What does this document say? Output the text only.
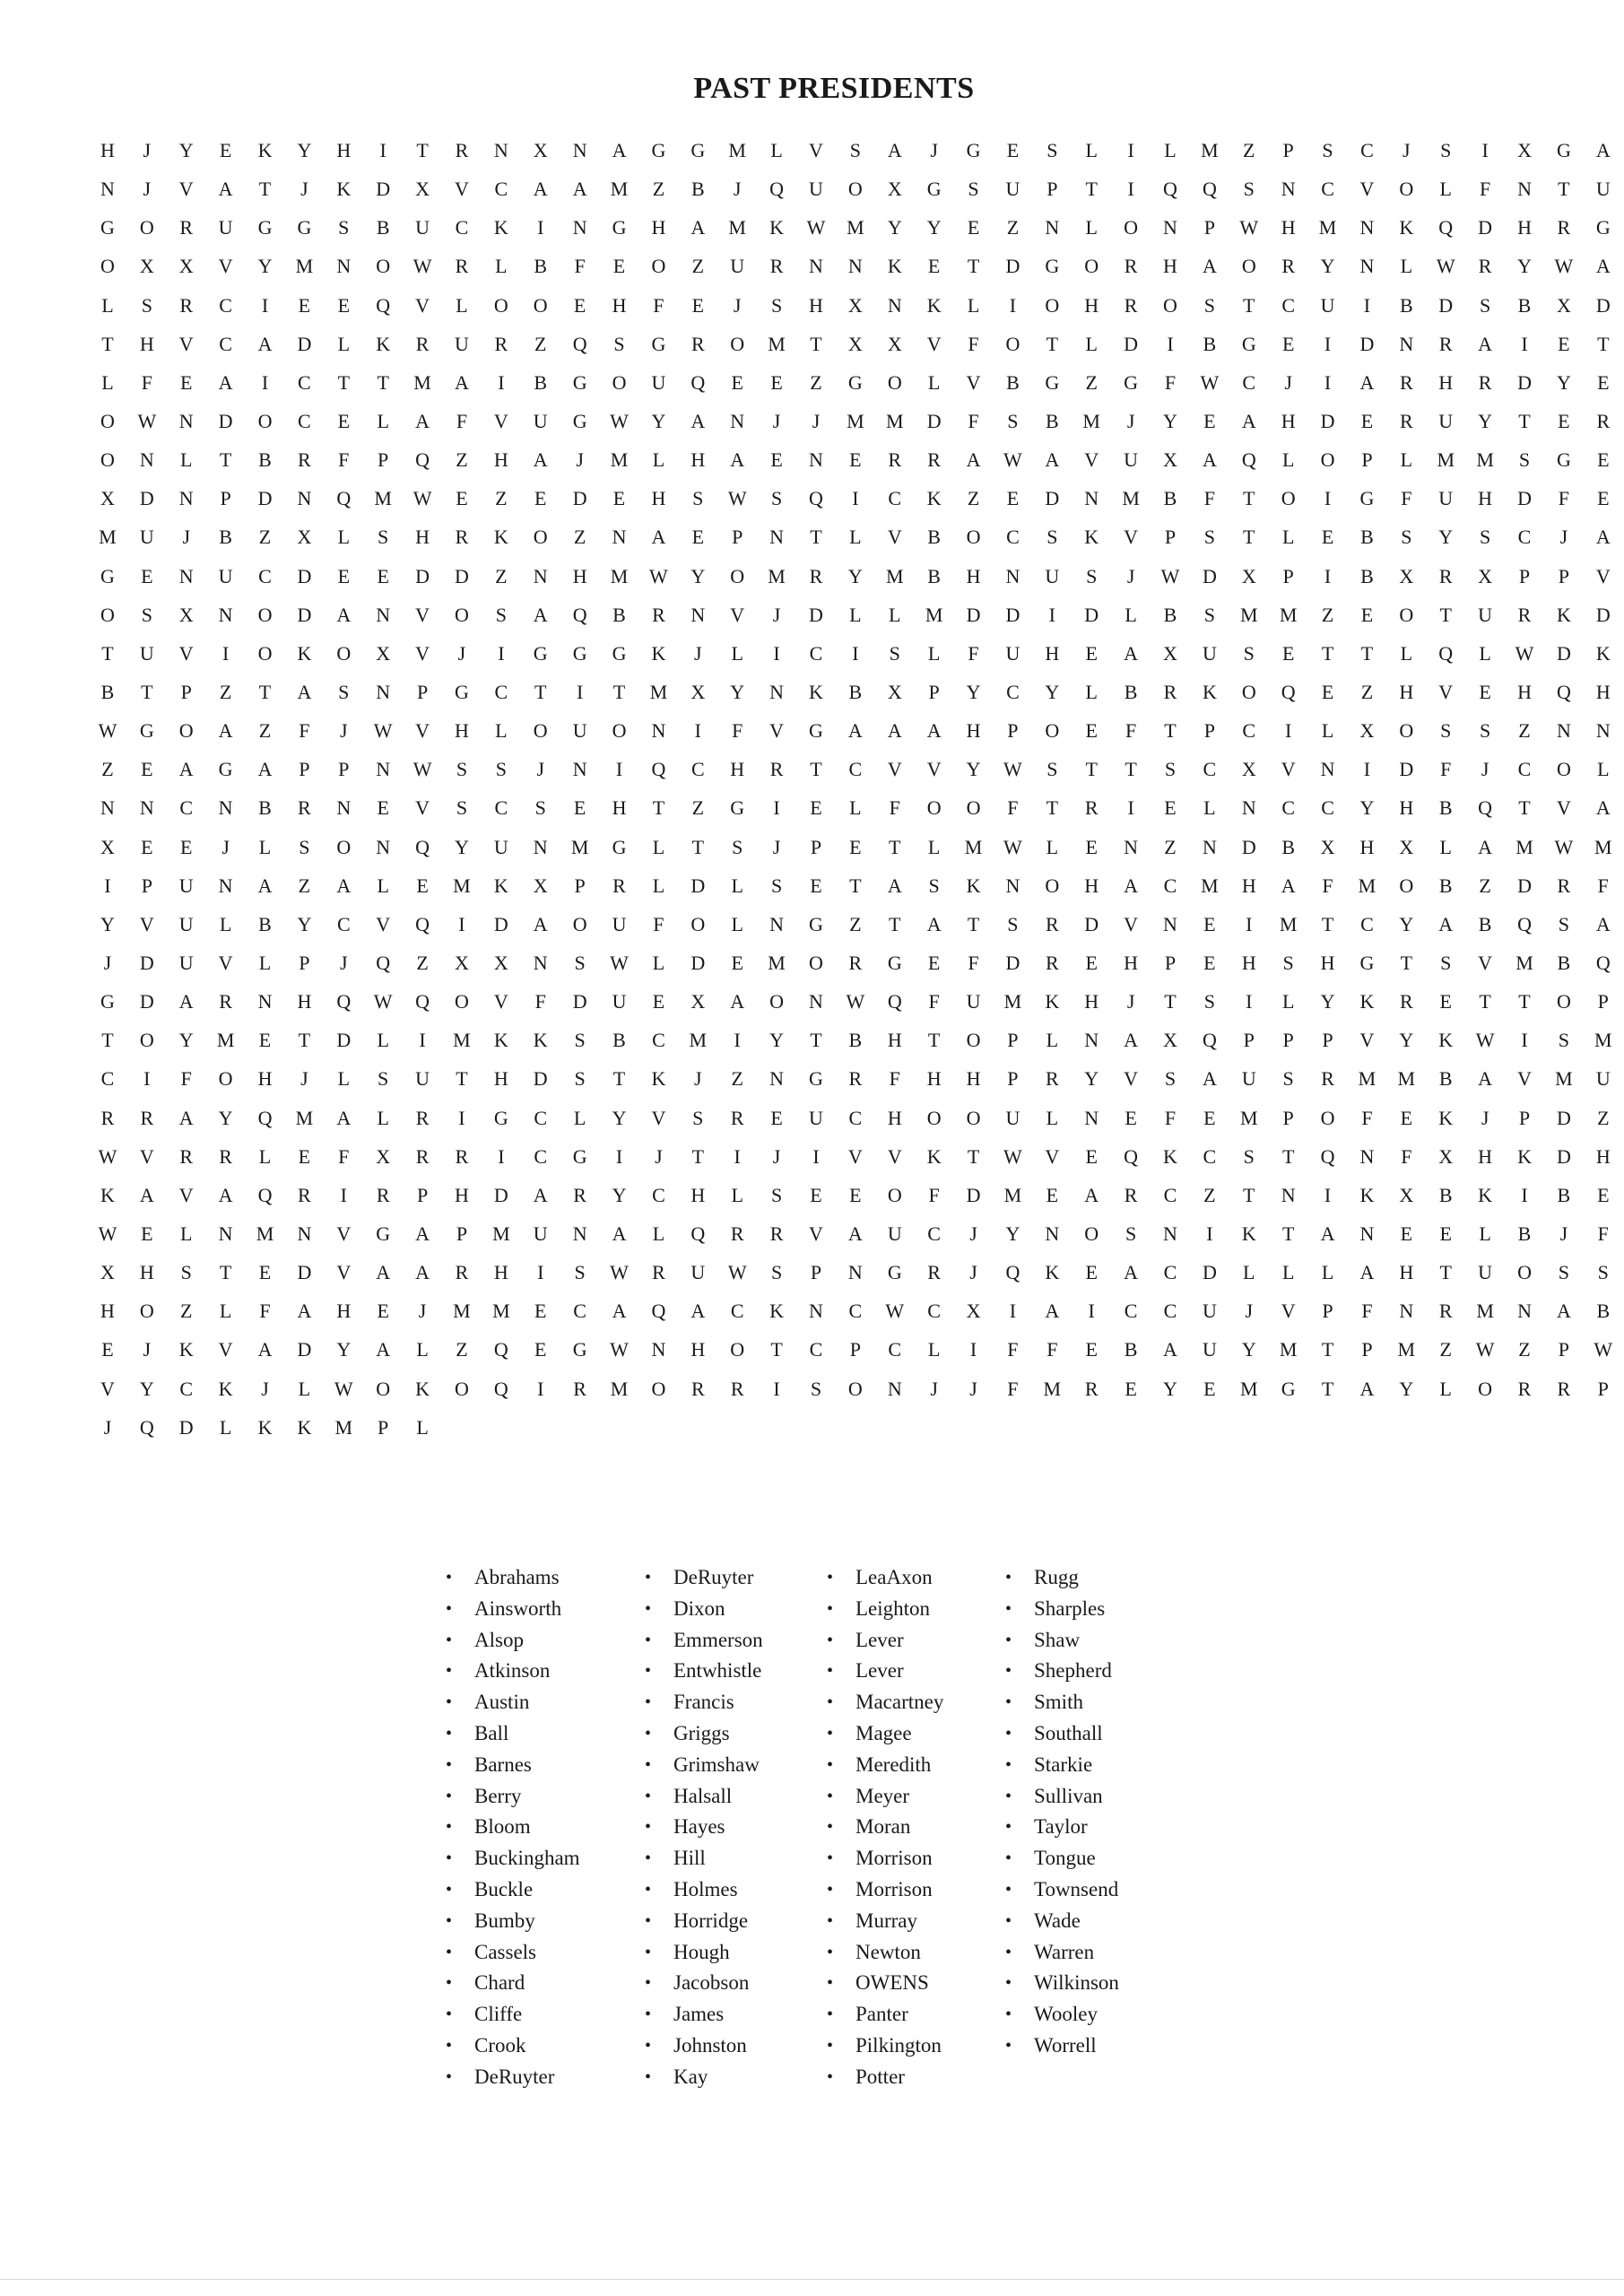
PAST PRESIDENTS
H	J	Y	E	K	Y	H	I	T	R	N	X	N	A	G	G	M	L	V	S	A	J	G	E	S	L	I	L	M	Z	P	S	C	J	S	I	X	G	A
N	J	V	A	T	J	K	D	X	V	C	A	A	M	Z	B	J	Q	U	O	X	G	S	U	P	T	I	Q	Q	S	N	C	V	O	L	F	N	T	U
G	O	R	U	G	G	S	B	U	C	K	I	N	G	H	A	M	K	W	M	Y	Y	E	Z	N	L	O	N	P	W	H	M	N	K	Q	D	H	R	G
O	X	X	V	Y	M	N	O	W	R	L	B	F	E	O	Z	U	R	N	N	K	E	T	D	G	O	R	H	A	O	R	Y	N	L	W	R	Y	W	A
L	S	R	C	I	E	E	Q	V	L	O	O	E	H	F	E	J	S	H	X	N	K	L	I	O	H	R	O	S	T	C	U	I	B	D	S	B	X	D
T	H	V	C	A	D	L	K	R	U	R	Z	Q	S	G	R	O	M	T	X	X	V	F	O	T	L	D	I	B	G	E	I	D	N	R	A	I	E	T
L	F	E	A	I	C	T	T	M	A	I	B	G	O	U	Q	E	E	Z	G	O	L	V	B	G	Z	G	F	W	C	J	I	A	R	H	R	D	Y	E
O	W	N	D	O	C	E	L	A	F	V	U	G	W	Y	A	N	J	J	M	M	D	F	S	B	M	J	Y	E	A	H	D	E	R	U	Y	T	E	R
O	N	L	T	B	R	F	P	Q	Z	H	A	J	M	L	H	A	E	N	E	R	R	A	W	A	V	U	X	A	Q	L	O	P	L	M	M	S	G	E
X	D	N	P	D	N	Q	M	W	E	Z	E	D	E	H	S	W	S	Q	I	C	K	Z	E	D	N	M	B	F	T	O	I	G	F	U	H	D	F	E
M	U	J	B	Z	X	L	S	H	R	K	O	Z	N	A	E	P	N	T	L	V	B	O	C	S	K	V	P	S	T	L	E	B	S	Y	S	C	J	A
G	E	N	U	C	D	E	E	D	D	Z	N	H	M	W	Y	O	M	R	Y	M	B	H	N	U	S	J	W	D	X	P	I	B	X	R	X	P	P	V
O	S	X	N	O	D	A	N	V	O	S	A	Q	B	R	N	V	J	D	L	L	M	D	D	I	D	L	B	S	M	M	Z	E	O	T	U	R	K	D
T	U	V	I	O	K	O	X	V	J	I	G	G	G	K	J	L	I	C	I	S	L	F	U	H	E	A	X	U	S	E	T	T	L	Q	L	W	D	K
B	T	P	Z	T	A	S	N	P	G	C	T	I	T	M	X	Y	N	K	B	X	P	Y	C	Y	L	B	R	K	O	Q	E	Z	H	V	E	H	Q	H
W	G	O	A	Z	F	J	W	V	H	L	O	U	O	N	I	F	V	G	A	A	A	H	P	O	E	F	T	P	C	I	L	X	O	S	S	Z	N	N
Z	E	A	G	A	P	P	N	W	S	S	J	N	I	Q	C	H	R	T	C	V	V	Y	W	S	T	T	S	C	X	V	N	I	D	F	J	C	O	L
N	N	C	N	B	R	N	E	V	S	C	S	E	H	T	Z	G	I	E	L	F	O	O	F	T	R	I	E	L	N	C	C	Y	H	B	Q	T	V	A
X	E	E	J	L	S	O	N	Q	Y	U	N	M	G	L	T	S	J	P	E	T	L	M	W	L	E	N	Z	N	D	B	X	H	X	L	A	M	W	M
I	P	U	N	A	Z	A	L	E	M	K	X	P	R	L	D	L	S	E	T	A	S	K	N	O	H	A	C	M	H	A	F	M	O	B	Z	D	R	F
Y	V	U	L	B	Y	C	V	Q	I	D	A	O	U	F	O	L	N	G	Z	T	A	T	S	R	D	V	N	E	I	M	T	C	Y	A	B	Q	S	A
J	D	U	V	L	P	J	Q	Z	X	X	N	S	W	L	D	E	M	O	R	G	E	F	D	R	E	H	P	E	H	S	H	G	T	S	V	M	B	Q
G	D	A	R	N	H	Q	W	Q	O	V	F	D	U	E	X	A	O	N	W	Q	F	U	M	K	H	J	T	S	I	L	Y	K	R	E	T	T	O	P
T	O	Y	M	E	T	D	L	I	M	K	K	S	B	C	M	I	Y	T	B	H	T	O	P	L	N	A	X	Q	P	P	P	V	Y	K	W	I	S	M
C	I	F	O	H	J	L	S	U	T	H	D	S	T	K	J	Z	N	G	R	F	H	H	P	R	Y	V	S	A	U	S	R	M	M	B	A	V	M	U
R	R	A	Y	Q	M	A	L	R	I	G	C	L	Y	V	S	R	E	U	C	H	O	O	U	L	N	E	F	E	M	P	O	F	E	K	J	P	D	Z
W	V	R	R	L	E	F	X	R	R	I	C	G	I	J	T	I	J	I	V	V	K	T	W	V	E	Q	K	C	S	T	Q	N	F	X	H	K	D	H
K	A	V	A	Q	R	I	R	P	H	D	A	R	Y	C	H	L	S	E	E	O	F	D	M	E	A	R	C	Z	T	N	I	K	X	B	K	I	B	E
W	E	L	N	M	N	V	G	A	P	M	U	N	A	L	Q	R	R	V	A	U	C	J	Y	N	O	S	N	I	K	T	A	N	E	E	L	B	J	F
X	H	S	T	E	D	V	A	A	R	H	I	S	W	R	U	W	S	P	N	G	R	J	Q	K	E	A	C	D	L	L	L	A	H	T	U	O	S	S
H	O	Z	L	F	A	H	E	J	M	M	E	C	A	Q	A	C	K	N	C	W	C	X	I	A	I	C	C	U	J	V	P	F	N	R	M	N	A	B
E	J	K	V	A	D	Y	A	L	Z	Q	E	G	W	N	H	O	T	C	P	C	L	I	F	F	E	B	A	U	Y	M	T	P	M	Z	W	Z	P	W
V	Y	C	K	J	L	W	O	K	O	Q	I	R	M	O	R	R	I	S	O	N	J	J	F	M	R	E	Y	E	M	G	T	A	Y	L	O	R	R	P
J	Q	D	L	K	K	M	P	L
• Abrahams
• Ainsworth
• Alsop
• Atkinson
• Austin
• Ball
• Barnes
• Berry
• Bloom
• Buckingham
• Buckle
• Bumby
• Cassels
• Chard
• Cliffe
• Crook
• DeRuyter
• DeRuyter
• Dixon
• Emmerson
• Entwhistle
• Francis
• Griggs
• Grimshaw
• Halsall
• Hayes
• Hill
• Holmes
• Horridge
• Hough
• Jacobson
• James
• Johnston
• Kay
• LeaAxon
• Leighton
• Lever
• Lever
• Macartney
• Magee
• Meredith
• Meyer
• Moran
• Morrison
• Morrison
• Murray
• Newton
• OWENS
• Panter
• Pilkington
• Potter
• Rugg
• Sharples
• Shaw
• Shepherd
• Smith
• Southall
• Starkie
• Sullivan
• Taylor
• Tongue
• Townsend
• Wade
• Warren
• Wilkinson
• Wooley
• Worrell
